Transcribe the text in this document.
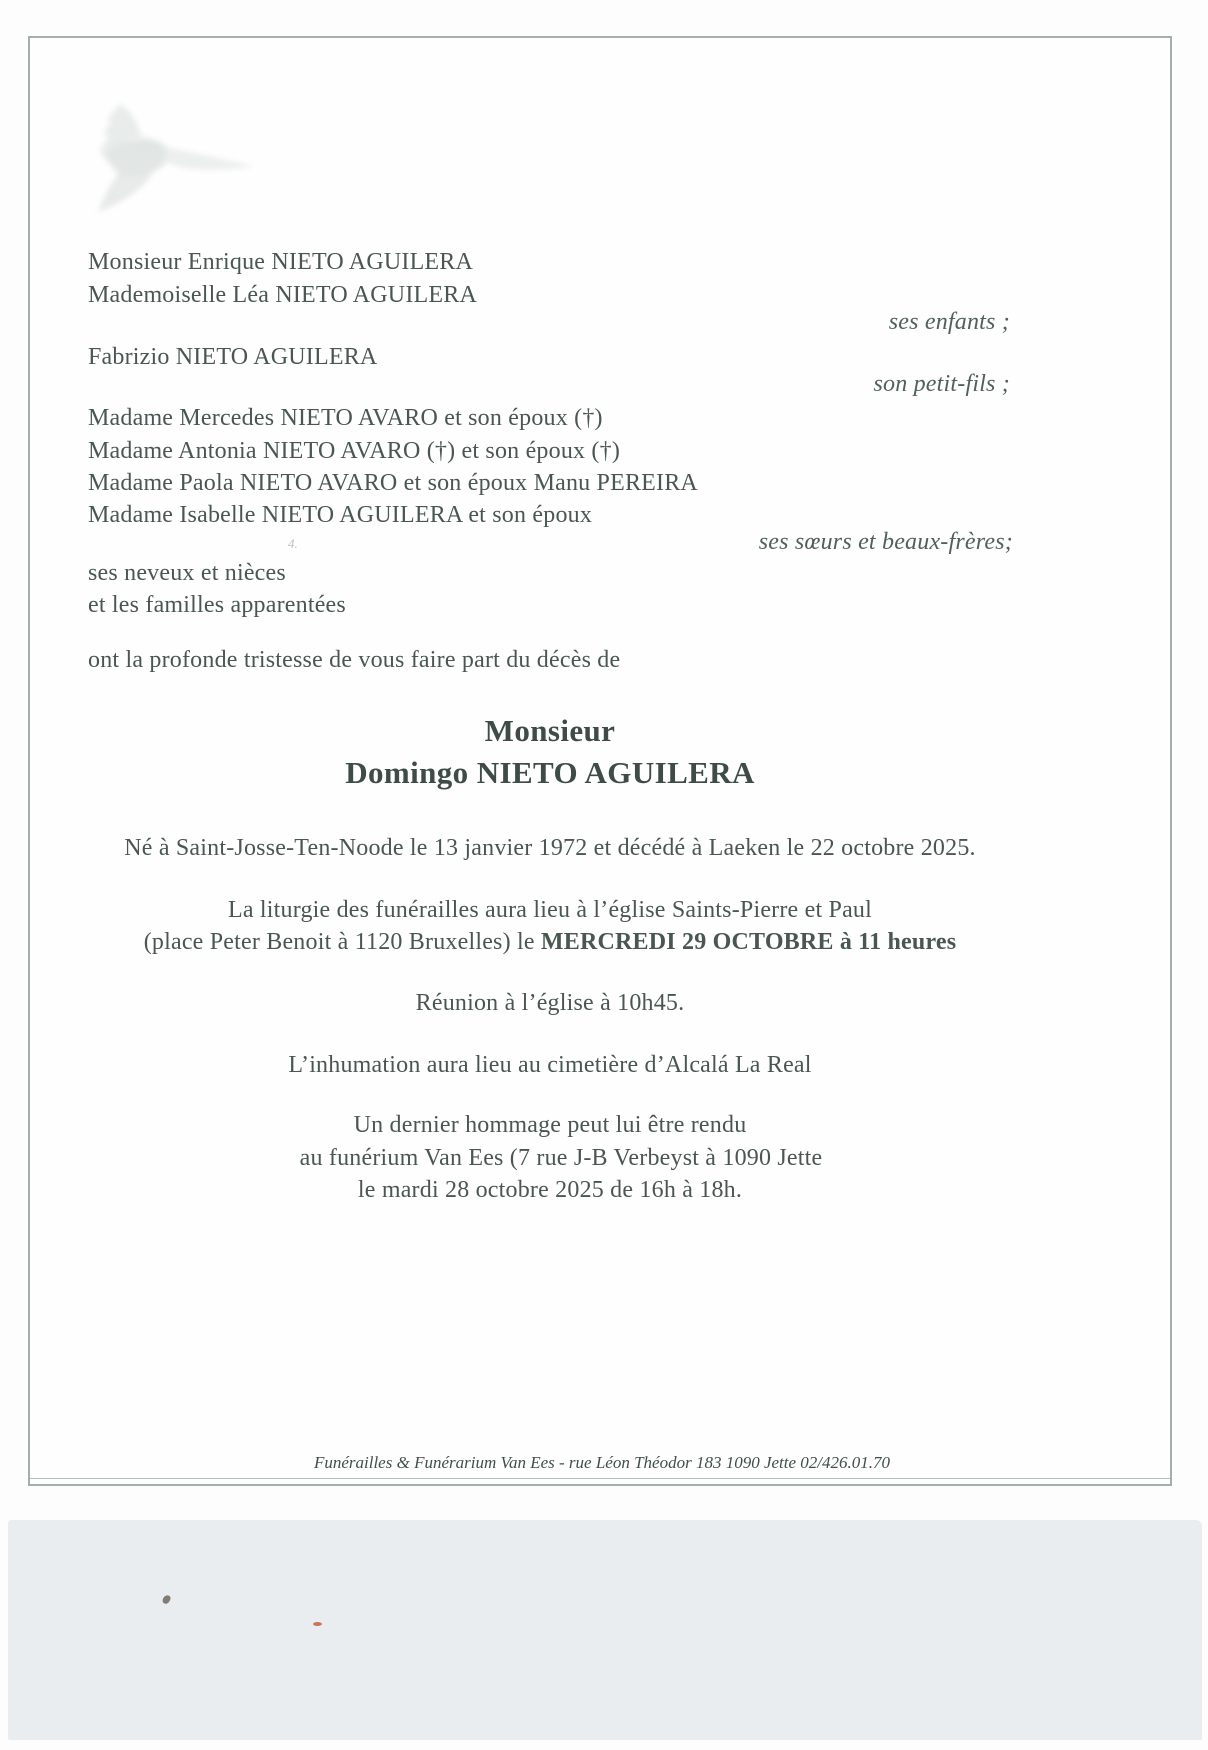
Monsieur Enrique NIETO AGUILERA
Mademoiselle Léa NIETO AGUILERA
ses enfants ;
Fabrizio NIETO AGUILERA
son petit-fils ;
Madame Mercedes NIETO AVARO et son époux (†)
Madame Antonia NIETO AVARO (†) et son époux (†)
Madame Paola NIETO AVARO et son époux Manu PEREIRA
Madame Isabelle NIETO AGUILERA et son époux
4.	ses sœurs et beaux-frères;
ses neveux et nièces
et les familles apparentées
ont la profonde tristesse de vous faire part du décès de
Monsieur
Domingo NIETO AGUILERA
Né à Saint-Josse-Ten-Noode le 13 janvier 1972 et décédé à Laeken le 22 octobre 2025.
La liturgie des funérailles aura lieu à l’église Saints-Pierre et Paul
(place Peter Benoit à 1120 Bruxelles) le MERCREDI 29 OCTOBRE à 11 heures
Réunion à l’église à 10h45.
L’inhumation aura lieu au cimetière d’Alcalá La Real
Un dernier hommage peut lui être rendu
au funérium Van Ees (7 rue J-B Verbeyst à 1090 Jette
le mardi 28 octobre 2025 de 16h à 18h.
Funérailles & Funérarium Van Ees - rue Léon Théodor 183 1090 Jette 02/426.01.70
